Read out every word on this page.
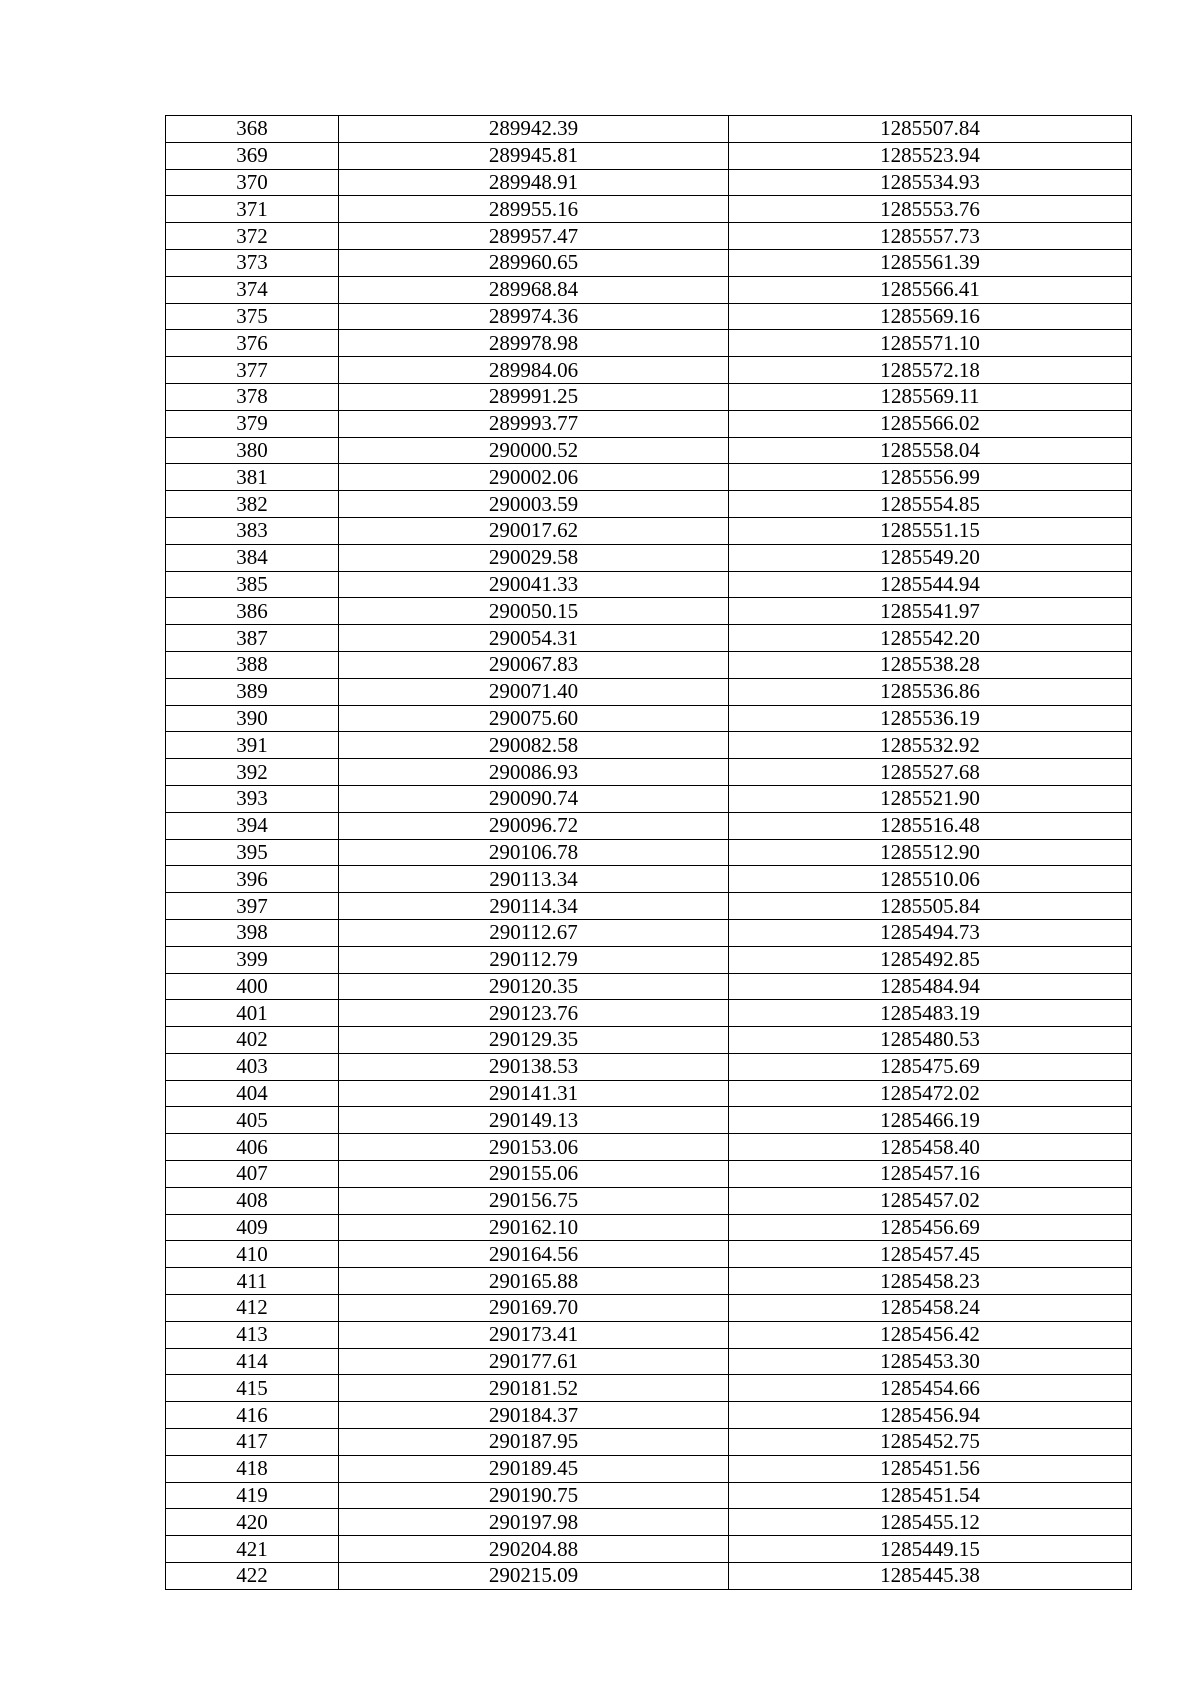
368	289942.39	1285507.84
369	289945.81	1285523.94
370	289948.91	1285534.93
371	289955.16	1285553.76
372	289957.47	1285557.73
373	289960.65	1285561.39
374	289968.84	1285566.41
375	289974.36	1285569.16
376	289978.98	1285571.10
377	289984.06	1285572.18
378	289991.25	1285569.11
379	289993.77	1285566.02
380	290000.52	1285558.04
381	290002.06	1285556.99
382	290003.59	1285554.85
383	290017.62	1285551.15
384	290029.58	1285549.20
385	290041.33	1285544.94
386	290050.15	1285541.97
387	290054.31	1285542.20
388	290067.83	1285538.28
389	290071.40	1285536.86
390	290075.60	1285536.19
391	290082.58	1285532.92
392	290086.93	1285527.68
393	290090.74	1285521.90
394	290096.72	1285516.48
395	290106.78	1285512.90
396	290113.34	1285510.06
397	290114.34	1285505.84
398	290112.67	1285494.73
399	290112.79	1285492.85
400	290120.35	1285484.94
401	290123.76	1285483.19
402	290129.35	1285480.53
403	290138.53	1285475.69
404	290141.31	1285472.02
405	290149.13	1285466.19
406	290153.06	1285458.40
407	290155.06	1285457.16
408	290156.75	1285457.02
409	290162.10	1285456.69
410	290164.56	1285457.45
411	290165.88	1285458.23
412	290169.70	1285458.24
413	290173.41	1285456.42
414	290177.61	1285453.30
415	290181.52	1285454.66
416	290184.37	1285456.94
417	290187.95	1285452.75
418	290189.45	1285451.56
419	290190.75	1285451.54
420	290197.98	1285455.12
421	290204.88	1285449.15
422	290215.09	1285445.38
